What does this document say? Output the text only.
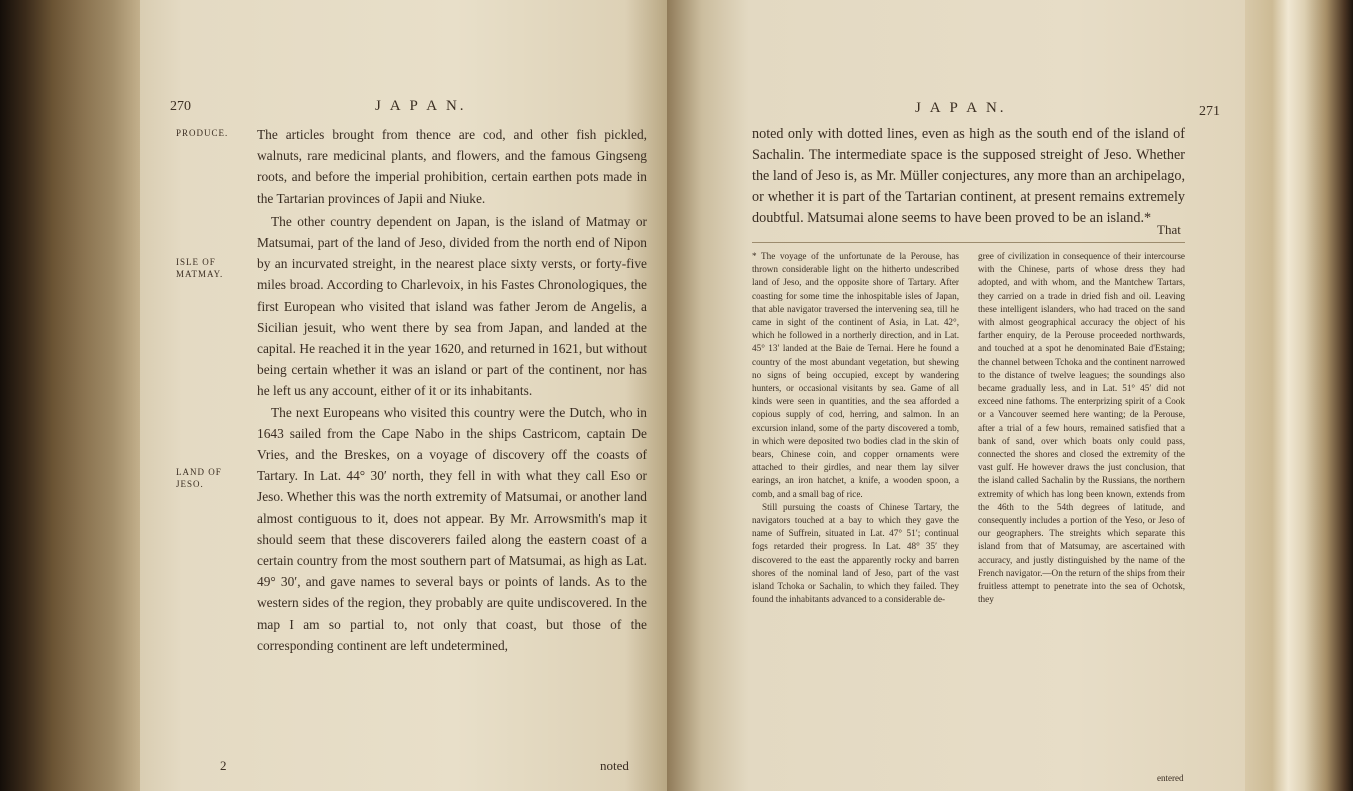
270	J A P A N.
PRODUCE.
ISLE OF MATMAY.
LAND OF JESO.

The articles brought from thence are cod, and other fish pickled, walnuts, rare medicinal plants, and flowers, and the famous Gingseng roots, and before the imperial prohibition, certain earthen pots made in the Tartarian provinces of Japii and Niuke.

The other country dependent on Japan, is the island of Matmay or Matsumai, part of the land of Jeso, divided from the north end of Nipon by an incurvated streight, in the nearest place sixty versts, or forty-five miles broad. According to Charlevoix, in his Fastes Chronologiques, the first European who visited that island was father Jerom de Angelis, a Sicilian jesuit, who went there by sea from Japan, and landed at the capital. He reached it in the year 1620, and returned in 1621, but without being certain whether it was an island or part of the continent, nor has he left us any account, either of it or its inhabitants.

The next Europeans who visited this country were the Dutch, who in 1643 sailed from the Cape Nabo in the ships Castricom, captain De Vries, and the Breskes, on a voyage of discovery off the coasts of Tartary. In Lat. 44° 30′ north, they fell in with what they call Eso or Jeso. Whether this was the north extremity of Matsumai, or another land almost contiguous to it, does not appear. By Mr. Arrowsmith's map it should seem that these discoverers failed along the eastern coast of a certain country from the most southern part of Matsumai, as high as Lat. 49° 30′, and gave names to several bays or points of lands. As to the western sides of the region, they probably are quite undiscovered. In the map I am so partial to, not only that coast, but those of the corresponding continent are left undetermined,

2	noted
J A P A N.	271

noted only with dotted lines, even as high as the south end of the island of Sachalin. The intermediate space is the supposed streight of Jeso. Whether the land of Jeso is, as Mr. Müller conjectures, any more than an archipelago, or whether it is part of the Tartarian continent, at present remains extremely doubtful. Matsumai alone seems to have been proved to be an island.*

That

* The voyage of the unfortunate de la Perouse, has thrown considerable light on the hitherto undescribed land of Jeso, and the opposite shore of Tartary. After coasting for some time the inhospitable isles of Japan, that able navigator traversed the intervening sea, till he came in sight of the continent of Asia, in Lat. 42°, which he followed in a northerly direction, and in Lat. 45° 13′ landed at the Baie de Ternai. Here he found a country of the most abundant vegetation, but shewing no signs of being occupied, except by wandering hunters, or occasional visitants by sea. Game of all kinds were seen in quantities, and the sea afforded a copious supply of cod, herring, and salmon. In an excursion inland, some of the party discovered a tomb, in which were deposited two bodies clad in the skin of bears, Chinese coin, and copper ornaments were attached to their girdles, and near them lay silver earings, an iron hatchet, a knife, a wooden spoon, a comb, and a small bag of rice.

Still pursuing the coasts of Chinese Tartary, the navigators touched at a bay to which they gave the name of Suffrein, situated in Lat. 47° 51′; continual fogs retarded their progress. In Lat. 48° 35′ they discovered to the east the apparently rocky and barren shores of the nominal land of Jeso, part of the vast island Tchoka or Sachalin, to which they failed. They found the inhabitants advanced to a considerable de-

gree of civilization in consequence of their intercourse with the Chinese, parts of whose dress they had adopted, and with whom, and the Mantchew Tartars, they carried on a trade in dried fish and oil. Leaving these intelligent islanders, who had traced on the sand with almost geographical accuracy the object of his farther enquiry, de la Perouse proceeded northwards, and touched at a spot he denominated Baie d'Estaing; the channel between Tchoka and the continent narrowed to the distance of twelve leagues; the soundings also became gradually less, and in Lat. 51° 45′ did not exceed nine fathoms. The enterprizing spirit of a Cook or a Vancouver seemed here wanting; de la Perouse, after a trial of a few hours, remained satisfied that a bank of sand, over which boats only could pass, connected the shores and closed the extremity of the vast gulf. He however draws the just conclusion, that the island called Sachalin by the Russians, the northern extremity of which has long been known, extends from the 46th to the 54th degrees of latitude, and consequently includes a portion of the Yeso, or Jeso of our geographers. The streights which separate this island from that of Matsumay, are ascertained with accuracy, and justly distinguished by the name of the French navigator.—On the return of the ships from their fruitless attempt to penetrate into the sea of Ochotsk, they

entered
